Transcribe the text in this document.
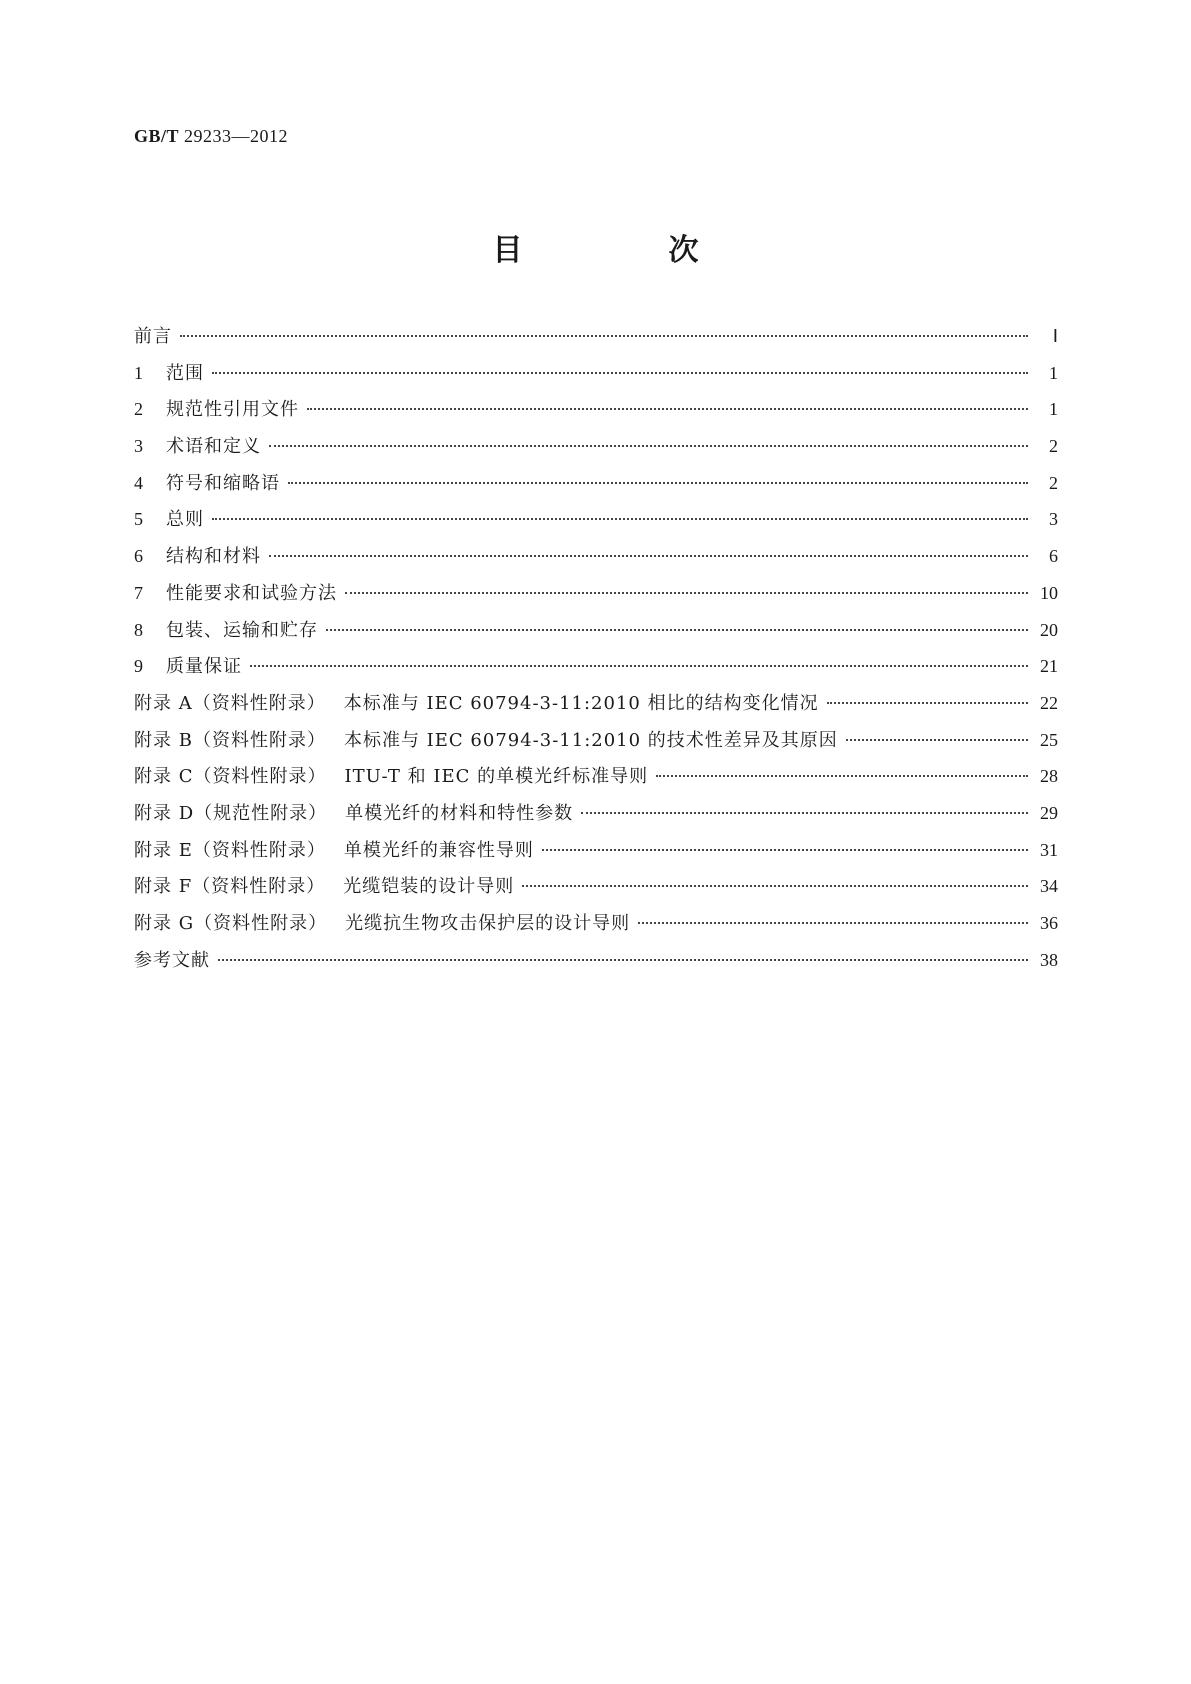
GB/T 29233—2012
目　次
前言	Ⅰ
1 范围	1
2 规范性引用文件	1
3 术语和定义	2
4 符号和缩略语	2
5 总则	3
6 结构和材料	6
7 性能要求和试验方法	10
8 包装、运输和贮存	20
9 质量保证	21
附录 A（资料性附录） 本标准与 IEC 60794-3-11:2010 相比的结构变化情况	22
附录 B（资料性附录） 本标准与 IEC 60794-3-11:2010 的技术性差异及其原因	25
附录 C（资料性附录） ITU-T 和 IEC 的单模光纤标准导则	28
附录 D（规范性附录） 单模光纤的材料和特性参数	29
附录 E（资料性附录） 单模光纤的兼容性导则	31
附录 F（资料性附录） 光缆铠装的设计导则	34
附录 G（资料性附录） 光缆抗生物攻击保护层的设计导则	36
参考文献	38
